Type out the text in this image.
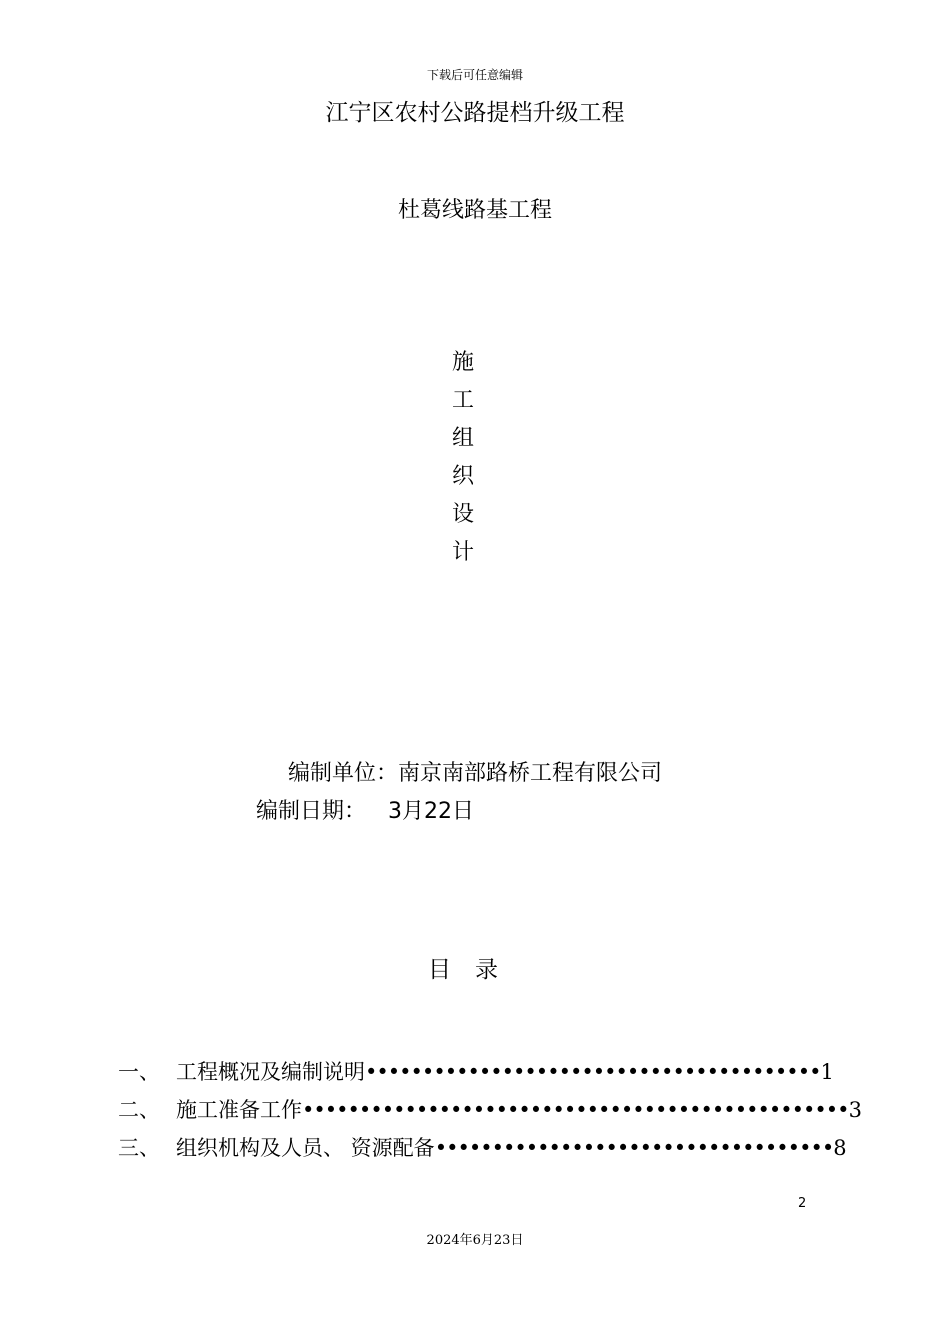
下载后可任意编辑
江宁区农村公路提档升级工程
杜葛线路基工程
施
工
组
织
设
计
编制单位：南京南部路桥工程有限公司
编制日期： 3月22日
目 录
一、 工程概况及编制说明••••••••••••••••••••••••••••••••••••••••1
二、 施工准备工作••••••••••••••••••••••••••••••••••••••••••••••••3
三、 组织机构及人员、 资源配备•••••••••••••••••••••••••••••••••••8
2
2024年6月23日
